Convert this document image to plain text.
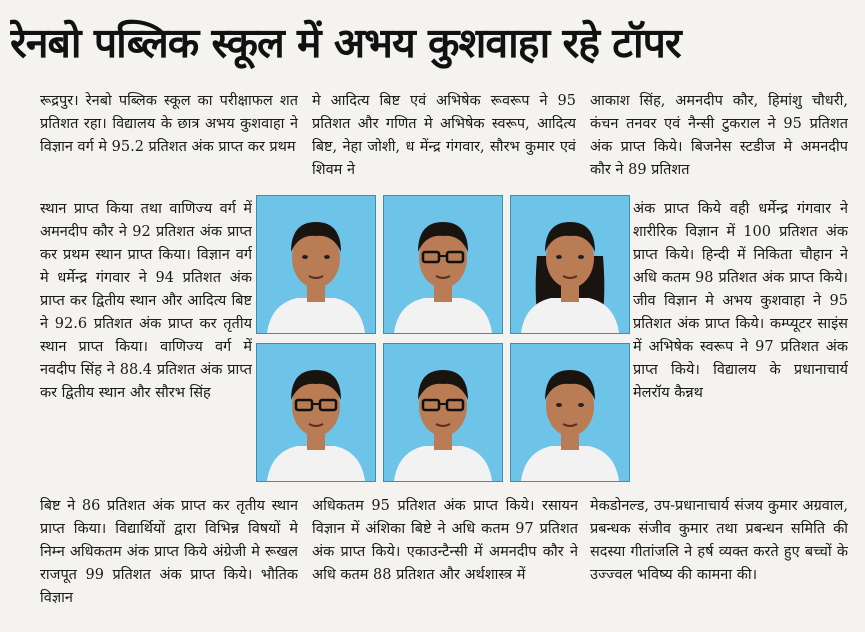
रेनबो पब्लिक स्कूल में अभय कुशवाहा रहे टॉपर

रूद्रपुर। रेनबो पब्लिक स्कूल का परीक्षाफल शत प्रतिशत रहा। विद्यालय के छात्र अभय कुशवाहा ने विज्ञान वर्ग मे 95.2 प्रतिशत अंक प्राप्त कर प्रथम

स्थान प्राप्त किया तथा वाणिज्य वर्ग में अमनदीप कौर ने 92 प्रतिशत अंक प्राप्त कर प्रथम स्थान प्राप्त किया। विज्ञान वर्ग मे धर्मेन्द्र गंगवार ने 94 प्रतिशत अंक प्राप्त कर द्वितीय स्थान और आदित्य बिष्ट ने 92.6 प्रतिशत अंक प्राप्त कर तृतीय स्थान प्राप्त किया। वाणिज्य वर्ग में नवदीप सिंह ने 88.4 प्रतिशत अंक प्राप्त कर द्वितीय स्थान और सौरभ सिंह

बिष्ट ने 86 प्रतिशत अंक प्राप्त कर तृतीय स्थान प्राप्त किया। विद्यार्थियों द्वारा विभिन्न विषयों मे निम्न अधिकतम अंक प्राप्त किये अंग्रेजी मे रूखल राजपूत 99 प्रतिशत अंक प्राप्त किये। भौतिक विज्ञान

मे आदित्य बिष्ट एवं अभिषेक रूवरूप ने 95 प्रतिशत और गणित मे अभिषेक स्वरूप, आदित्य बिष्ट, नेहा जोशी, ध मेंन्द्र गंगवार, सौरभ कुमार एवं शिवम ने

अधिकतम 95 प्रतिशत अंक प्राप्त किये। रसायन विज्ञान में अंशिका बिष्टे ने अधि कतम 97 प्रतिशत अंक प्राप्त किये। एकाउन्टैन्सी में अमनदीप कौर ने अधि कतम 88 प्रतिशत और अर्थशास्त्र में

आकाश सिंह, अमनदीप कौर, हिमांशु चौधरी, कंचन तनवर एवं नैन्सी टुकराल ने 95 प्रतिशत अंक प्राप्त किये। बिजनेस स्टडीज मे अमनदीप कौर ने 89 प्रतिशत

अंक प्राप्त किये वही धर्मेन्द्र गंगवार ने शारीरिक विज्ञान में 100 प्रतिशत अंक प्राप्त किये। हिन्दी में निकिता चौहान ने अधि कतम 98 प्रतिशत अंक प्राप्त किये। जीव विज्ञान मे अभय कुशवाहा ने 95 प्रतिशत अंक प्राप्त किये। कम्प्यूटर साइंस में अभिषेक स्वरूप ने 97 प्रतिशत अंक प्राप्त किये। विद्यालय के प्रधानाचार्य मेलरॉय कैन्नथ

मेकडोनल्ड, उप-प्रधानाचार्य संजय कुमार अग्रवाल, प्रबन्धक संजीव कुमार तथा प्रबन्धन समिति की सदस्या गीतांजलि ने हर्ष व्यक्त करते हुए बच्चों के उज्ज्वल भविष्य की कामना की।
